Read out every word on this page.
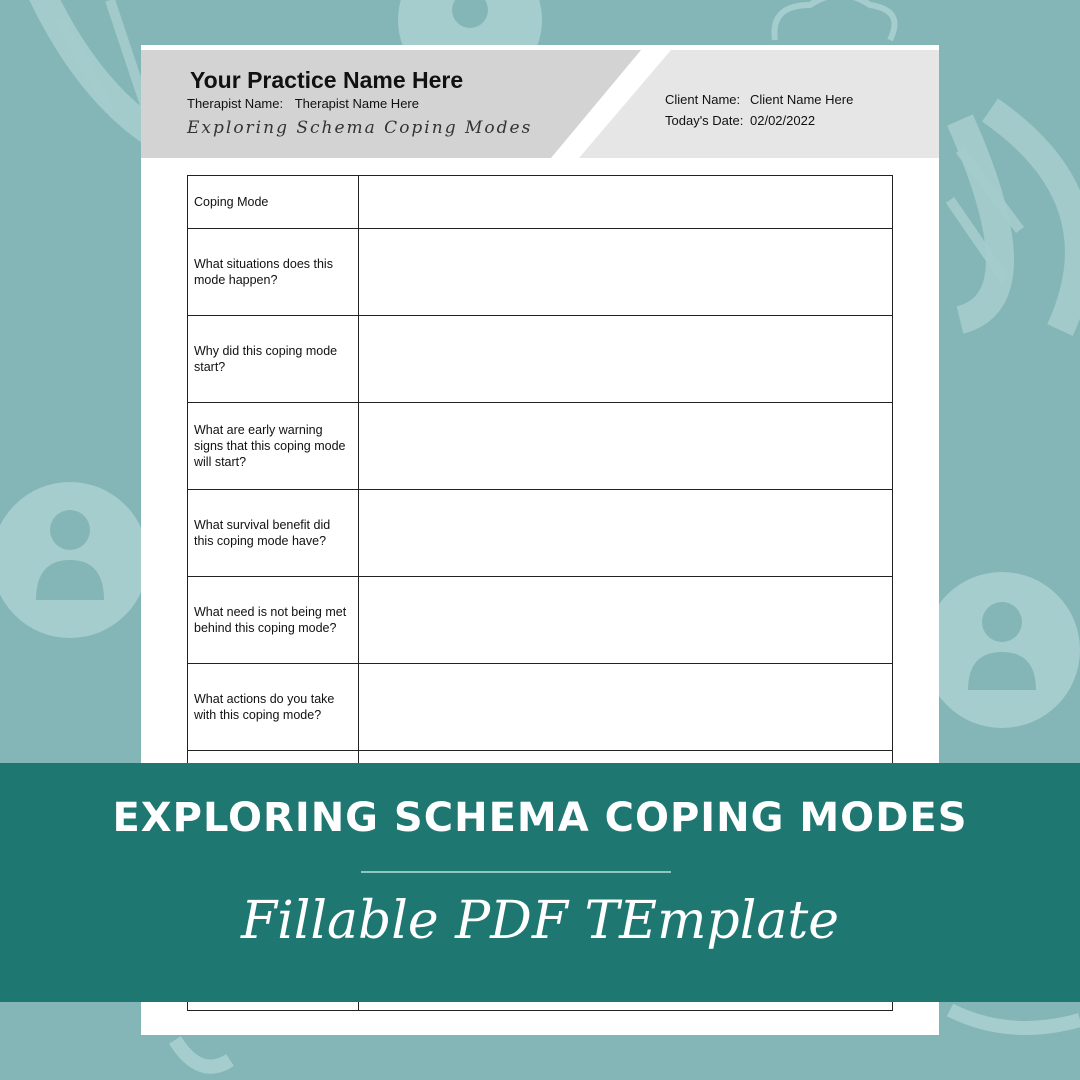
Your Practice Name Here
Therapist Name: Therapist Name Here
Exploring Schema Coping Modes
Client Name: Client Name Here
Today's Date: 02/02/2022
Coping Mode	
What situations does this mode happen?	
Why did this coping mode start?	
What are early warning signs that this coping mode will start?	
What survival benefit did this coping mode have?	
What need is not being met behind this coping mode?	
What actions do you take with this coping mode?	

EXPLORING SCHEMA COPING MODES
Fillable PDF TEmplate
